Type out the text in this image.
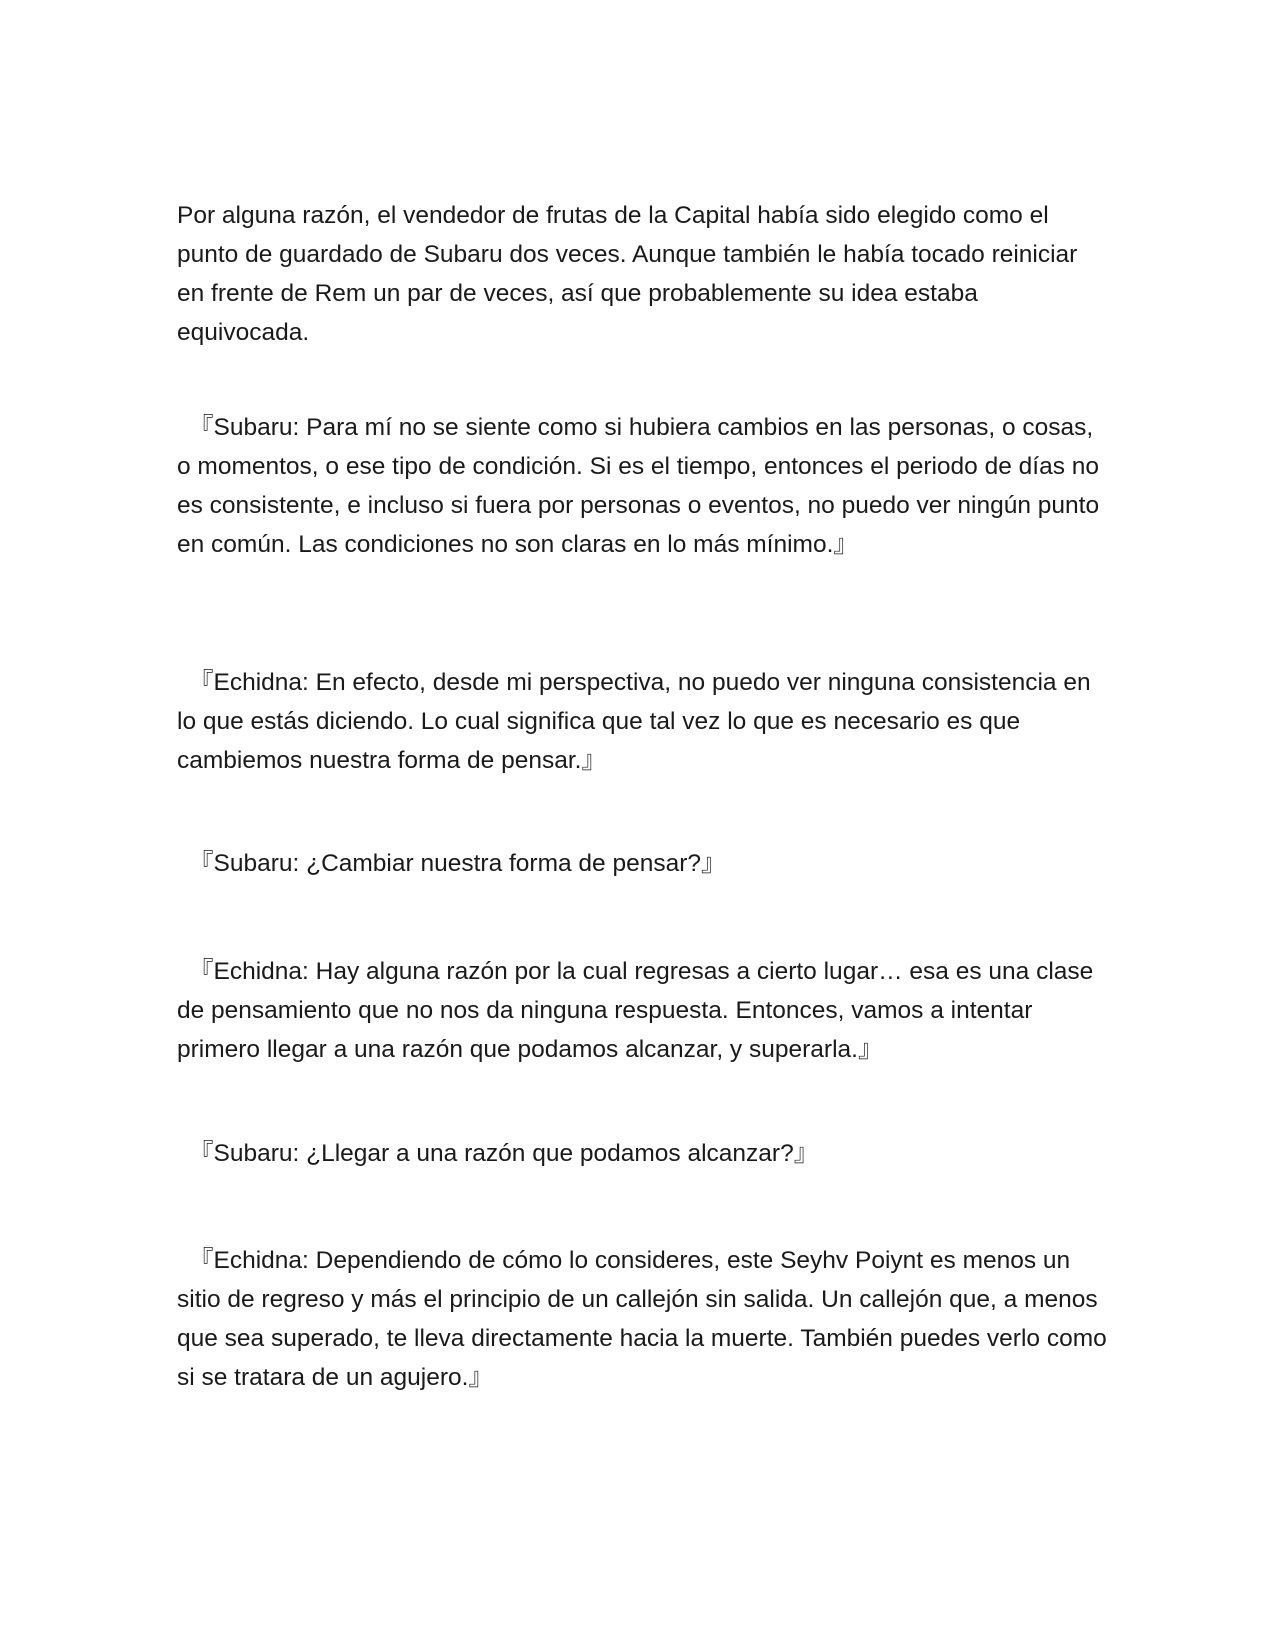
Por alguna razón, el vendedor de frutas de la Capital había sido elegido como el punto de guardado de Subaru dos veces. Aunque también le había tocado reiniciar en frente de Rem un par de veces, así que probablemente su idea estaba equivocada.

『Subaru: Para mí no se siente como si hubiera cambios en las personas, o cosas, o momentos, o ese tipo de condición. Si es el tiempo, entonces el periodo de días no es consistente, e incluso si fuera por personas o eventos, no puedo ver ningún punto en común. Las condiciones no son claras en lo más mínimo.』

『Echidna: En efecto, desde mi perspectiva, no puedo ver ninguna consistencia en lo que estás diciendo. Lo cual significa que tal vez lo que es necesario es que cambiemos nuestra forma de pensar.』

『Subaru: ¿Cambiar nuestra forma de pensar?』

『Echidna: Hay alguna razón por la cual regresas a cierto lugar… esa es una clase de pensamiento que no nos da ninguna respuesta. Entonces, vamos a intentar primero llegar a una razón que podamos alcanzar, y superarla.』

『Subaru: ¿Llegar a una razón que podamos alcanzar?』

『Echidna: Dependiendo de cómo lo consideres, este Seyhv Poiynt es menos un sitio de regreso y más el principio de un callejón sin salida. Un callejón que, a menos que sea superado, te lleva directamente hacia la muerte. También puedes verlo como si se tratara de un agujero.』
